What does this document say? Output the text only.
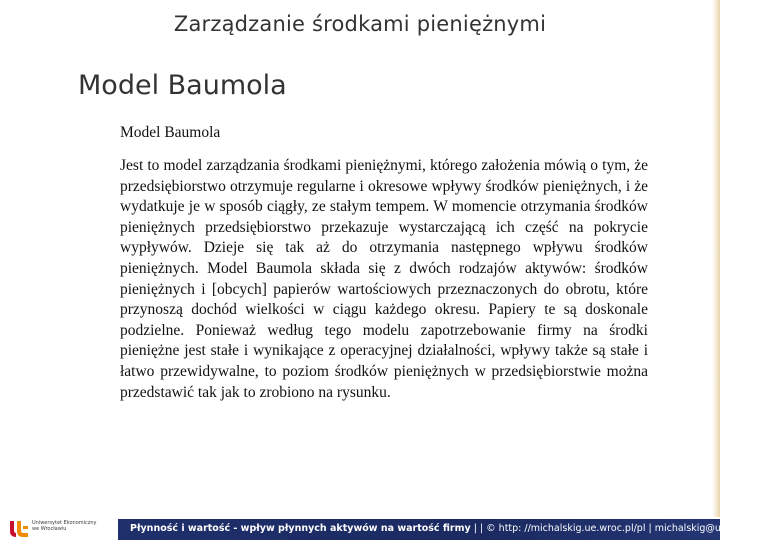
Zarządzanie środkami pieniężnymi
Model Baumola

Model Baumola

Jest to model zarządzania środkami pieniężnymi, którego założenia mówią o tym, że przedsiębiorstwo otrzymuje regularne i okresowe wpływy środków pieniężnych, i że wydatkuje je w sposób ciągły, ze stałym tempem. W momencie otrzymania środków pieniężnych przedsiębiorstwo przekazuje wystarczającą ich część na pokrycie wypływów. Dzieje się tak aż do otrzymania następnego wpływu środków pieniężnych. Model Baumola składa się z dwóch rodzajów aktywów: środków pieniężnych i [obcych] papierów wartościowych przeznaczonych do obrotu, które przynoszą dochód wielkości w ciągu każdego okresu. Papiery te są doskonale podzielne. Ponieważ według tego modelu zapotrzebowanie firmy na środki pieniężne jest stałe i wynikające z operacyjnej działalności, wpływy także są stałe i łatwo przewidywalne, to poziom środków pieniężnych w przedsiębiorstwie można przedstawić tak jak to zrobiono na rysunku.

Uniwersytet Ekonomiczny we Wrocławiu	Płynność i wartość - wpływ płynnych aktywów na wartość firmy | | © http: //michalskig.ue.wroc.pl/pl | michalskig@ue.wroc.pl
